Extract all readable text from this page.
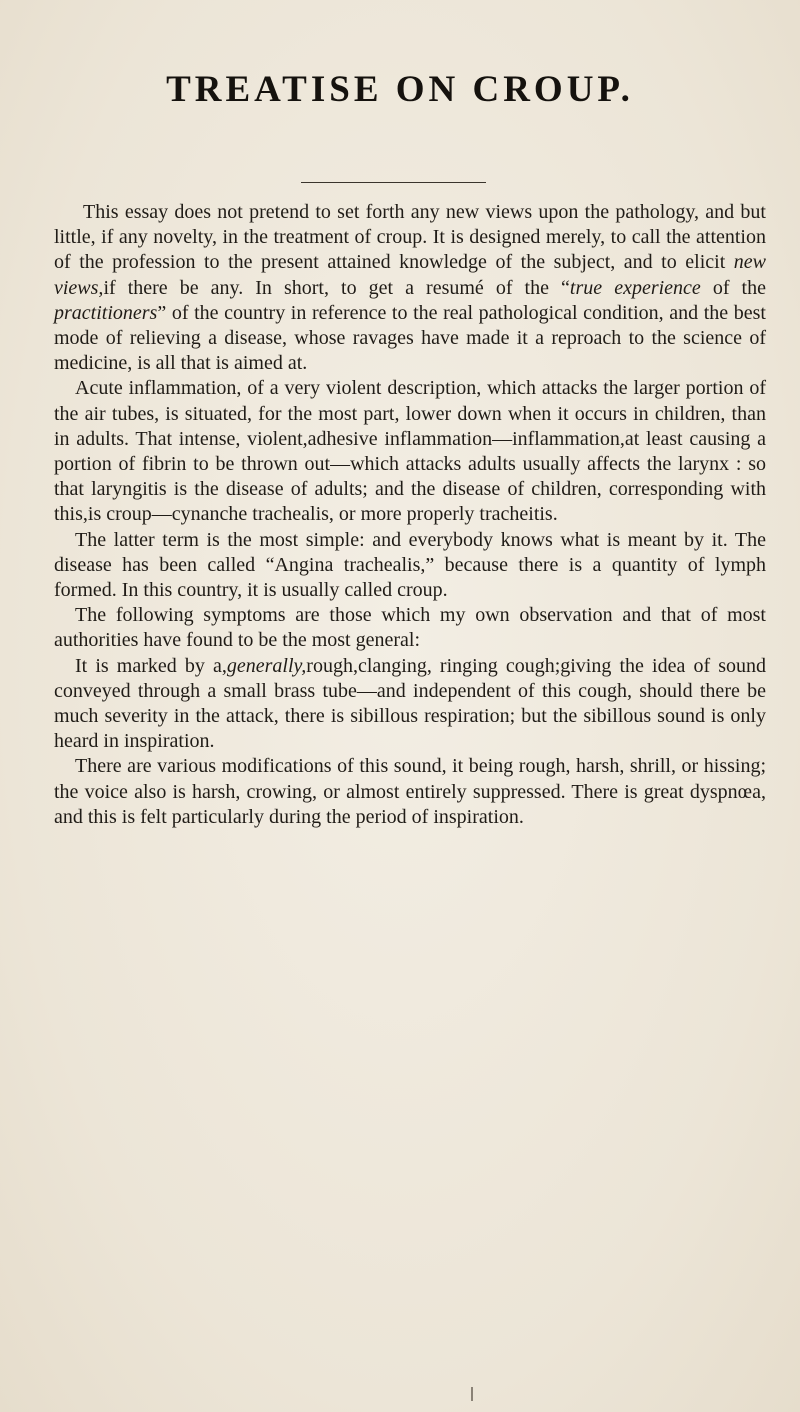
TREATISE ON CROUP.

This essay does not pretend to set forth any new views upon the pathology, and but little, if any novelty, in the treatment of croup. It is designed merely, to call the attention of the profession to the present attained knowledge of the subject, and to elicit new views,if there be any. In short, to get a resumé of the “true experience of the practitioners” of the country in reference to the real pathological condition, and the best mode of relieving a disease, whose ravages have made it a reproach to the science of medicine, is all that is aimed at.

Acute inflammation, of a very violent description, which attacks the larger portion of the air tubes, is situated, for the most part, lower down when it occurs in children, than in adults. That intense, violent,adhesive inflammation—inflammation,at least causing a portion of fibrin to be thrown out—which attacks adults usually affects the larynx : so that laryngitis is the disease of adults; and the disease of children, corresponding with this,is croup—cynanche trachealis, or more properly tracheitis.

The latter term is the most simple: and everybody knows what is meant by it. The disease has been called “Angina trachealis,” because there is a quantity of lymph formed. In this country, it is usually called croup.

The following symptoms are those which my own observation and that of most authorities have found to be the most general:

It is marked by a,generally,rough,clanging, ringing cough;giving the idea of sound conveyed through a small brass tube—and independent of this cough, should there be much severity in the attack, there is sibillous respiration; but the sibillous sound is only heard in inspiration.

There are various modifications of this sound, it being rough, harsh, shrill, or hissing; the voice also is harsh, crowing, or almost entirely suppressed. There is great dyspnœa, and this is felt particularly during the period of inspiration.
